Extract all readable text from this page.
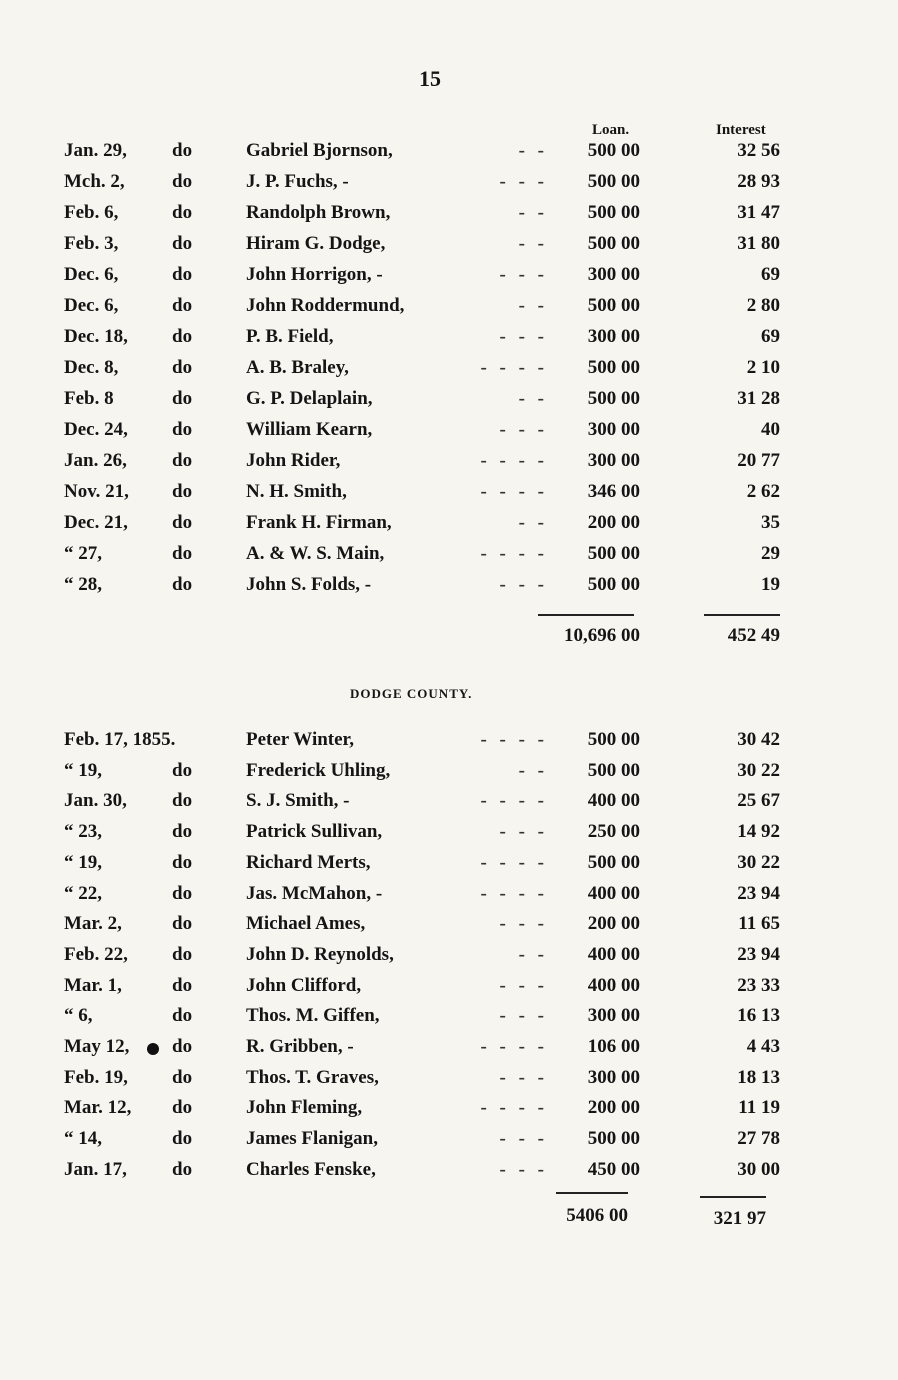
15
Loan.	Interest
Jan. 29,	do	Gabriel Bjornson,	- -	500 00	32 56
Mch. 2,	do	J. P. Fuchs, -	- - -	500 00	28 93
Feb. 6,	do	Randolph Brown,	- -	500 00	31 47
Feb. 3,	do	Hiram G. Dodge,	- -	500 00	31 80
Dec. 6,	do	John Horrigon, -	- - -	300 00	69
Dec. 6,	do	John Roddermund,	- -	500 00	2 80
Dec. 18,	do	P. B. Field,	- - -	300 00	69
Dec. 8,	do	A. B. Braley,	- - - -	500 00	2 10
Feb. 8	do	G. P. Delaplain,	- -	500 00	31 28
Dec. 24,	do	William Kearn,	- - -	300 00	40
Jan. 26,	do	John Rider,	- - - -	300 00	20 77
Nov. 21,	do	N. H. Smith,	- - - -	346 00	2 62
Dec. 21,	do	Frank H. Firman,	- -	200 00	35
“ 27,	do	A. & W. S. Main,	- - - -	500 00	29
“ 28,	do	John S. Folds, -	- - -	500 00	19
10,696 00	452 49
DODGE COUNTY.
Feb. 17, 1855.	Peter Winter,	- - - -	500 00	30 42
“ 19,	do	Frederick Uhling,	- -	500 00	30 22
Jan. 30,	do	S. J. Smith, -	- - - -	400 00	25 67
“ 23,	do	Patrick Sullivan,	- - -	250 00	14 92
“ 19,	do	Richard Merts,	- - - -	500 00	30 22
“ 22,	do	Jas. McMahon, -	- - - -	400 00	23 94
Mar. 2,	do	Michael Ames,	- - -	200 00	11 65
Feb. 22,	do	John D. Reynolds,	- -	400 00	23 94
Mar. 1,	do	John Clifford,	- - -	400 00	23 33
“ 6,	do	Thos. M. Giffen,	- - -	300 00	16 13
May 12,	do	R. Gribben, -	- - - -	106 00	4 43
Feb. 19,	do	Thos. T. Graves,	- - -	300 00	18 13
Mar. 12,	do	John Fleming,	- - - -	200 00	11 19
“ 14,	do	James Flanigan,	- - -	500 00	27 78
Jan. 17,	do	Charles Fenske,	- - -	450 00	30 00
5406 00	321 97
